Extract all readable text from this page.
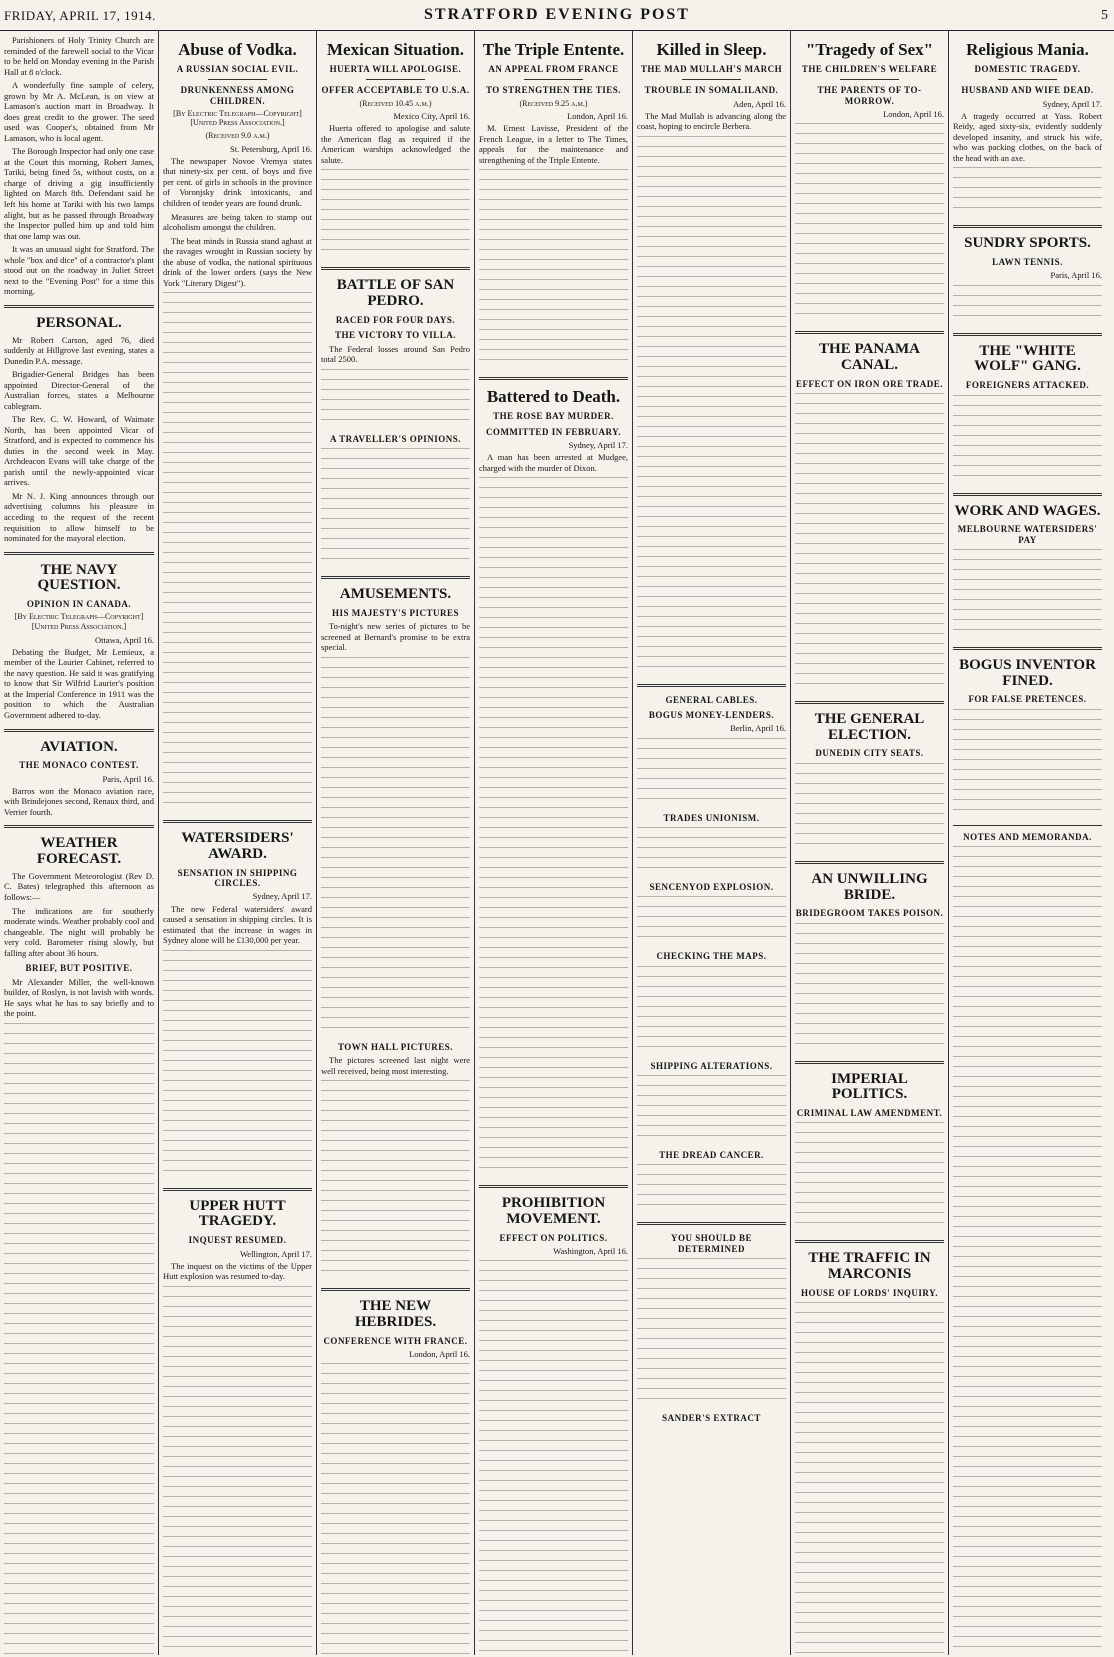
FRIDAY, APRIL 17, 1914.	STRATFORD EVENING POST	5

Parishioners of Holy Trinity Church are reminded of the farewell social to the Vicar to be held on Monday evening in the Parish Hall at 8 o'clock.

A wonderfully fine sample of celery, grown by Mr A. McLean, is on view at Lamason's auction mart in Broadway. It does great credit to the grower. The seed used was Cooper's, obtained from Mr Lamason, who is local agent.

The Borough Inspector had only one case at the Court this morning, Robert James, Tariki, being fined 5s, without costs, on a charge of driving a gig insufficiently lighted on March 8th. Defendant said he left his home at Tariki with his two lamps alight, but as he passed through Broadway the Inspector pulled him up and told him that one lamp was out.

It was an unusual sight for Stratford. The whole "box and dice" of a contractor's plant stood out on the roadway in Juliet Street next to the "Evening Post" for a time this morning.

PERSONAL.

Mr Robert Carson, aged 76, died suddenly at Hillgrove last evening, states a Dunedin P.A. message.

Brigadier-General Bridges has been appointed Director-General of the Australian forces, states a Melbourne cablegram.

The Rev. C. W. Howard, of Waimate North, has been appointed Vicar of Stratford, and is expected to commence his duties in the second week in May. Archdeacon Evans will take charge of the parish until the newly-appointed vicar arrives.

Mr N. J. King announces through our advertising columns his pleasure in acceding to the request of the recent requisition to allow himself to be nominated for the mayoral election.

THE NAVY QUESTION.
OPINION IN CANADA.
[By Electric Telegraph—Copyright] [United Press Association.]
Ottawa, April 16.

Debating the Budget, Mr Lemieux, a member of the Laurier Cabinet, referred to the navy question. He said it was gratifying to know that Sir Wilfrid Laurier's position at the Imperial Conference in 1911 was the position to which the Australian Government adhered to-day.

AVIATION.
THE MONACO CONTEST.
Paris, April 16.

Barros won the Monaco aviation race, with Brindejones second, Renaux third, and Verrier fourth.

WEATHER FORECAST.

The Government Meteorologist (Rev D. C. Bates) telegraphed this afternoon as follows:—

The indications are for southerly moderate winds. Weather probably cool and changeable. The night will probably be very cold. Barometer rising slowly, but falling after about 36 hours.

BRIEF, BUT POSITIVE.

Mr Alexander Miller, the well-known builder, of Roslyn, is not lavish with words. He says what he has to say briefly and to the point.

Abuse of Vodka.
A RUSSIAN SOCIAL EVIL.
DRUNKENNESS AMONG CHILDREN.
[By Electric Telegraph—Copyright] [United Press Association.]
(Received 9.0 a.m.)
St. Petersburg, April 16.

The newspaper Novoe Vremya states that ninety-six per cent. of boys and five per cent. of girls in schools in the province of Voronjsky drink intoxicants, and children of tender years are found drunk.

Measures are being taken to stamp out alcoholism amongst the children.

The beat minds in Russia stand aghast at the ravages wrought in Russian society by the abuse of vodka, the national spirituous drink of the lower orders (says the New York "Literary Digest").

WATERSIDERS' AWARD.
SENSATION IN SHIPPING CIRCLES.
Sydney, April 17.

The new Federal watersiders' award caused a sensation in shipping circles. It is estimated that the increase in wages in Sydney alone will be £130,000 per year.

UPPER HUTT TRAGEDY.
INQUEST RESUMED.
Wellington, April 17.

The inquest on the victims of the Upper Hutt explosion was resumed to-day.

Mexican Situation.
HUERTA WILL APOLOGISE.
OFFER ACCEPTABLE TO U.S.A.
(Received 10.45 a.m.)
Mexico City, April 16.

Huerta offered to apologise and salute the American flag as required if the American warships acknowledged the salute.

BATTLE OF SAN PEDRO.
RACED FOR FOUR DAYS.
THE VICTORY TO VILLA.

The Federal losses around San Pedro total 2500.

A TRAVELLER'S OPINIONS.
AMUSEMENTS.
HIS MAJESTY'S PICTURES

To-night's new series of pictures to be screened at Bernard's promise to be extra special.

TOWN HALL PICTURES.

The pictures screened last night were well received, being most interesting.

THE NEW HEBRIDES.
CONFERENCE WITH FRANCE.
London, April 16.
The Triple Entente.
AN APPEAL FROM FRANCE
TO STRENGTHEN THE TIES.
(Received 9.25 a.m.)
London, April 16.

M. Ernest Lavisse, President of the French League, in a letter to The Times, appeals for the maintenance and strengthening of the Triple Entente.

Battered to Death.
THE ROSE BAY MURDER.
COMMITTED IN FEBRUARY.
Sydney, April 17.

A man has been arrested at Mudgee, charged with the murder of Dixon.

PROHIBITION MOVEMENT.
EFFECT ON POLITICS.
Washington, April 16.
Killed in Sleep.
THE MAD MULLAH'S MARCH
TROUBLE IN SOMALILAND.
Aden, April 16.

The Mad Mullah is advancing along the coast, hoping to encircle Berbera.

GENERAL CABLES.
BOGUS MONEY-LENDERS.
Berlin, April 16.
TRADES UNIONISM.
SENCENYOD EXPLOSION.
CHECKING THE MAPS.
SHIPPING ALTERATIONS.
THE DREAD CANCER.
YOU SHOULD BE DETERMINED
SANDER'S EXTRACT
"Tragedy of Sex"
THE CHILDREN'S WELFARE
THE PARENTS OF TO-MORROW.
London, April 16.
THE PANAMA CANAL.
EFFECT ON IRON ORE TRADE.
THE GENERAL ELECTION.
DUNEDIN CITY SEATS.
AN UNWILLING BRIDE.
BRIDEGROOM TAKES POISON.
IMPERIAL POLITICS.
CRIMINAL LAW AMENDMENT.
THE TRAFFIC IN MARCONIS
HOUSE OF LORDS' INQUIRY.
Religious Mania.
DOMESTIC TRAGEDY.
HUSBAND AND WIFE DEAD.
Sydney, April 17.

A tragedy occurred at Yass. Robert Reidy, aged sixty-six, evidently suddenly developed insanity, and struck his wife, who was packing clothes, on the back of the head with an axe.

SUNDRY SPORTS.
LAWN TENNIS.
Paris, April 16.
THE "WHITE WOLF" GANG.
FOREIGNERS ATTACKED.
WORK AND WAGES.
MELBOURNE WATERSIDERS' PAY
BOGUS INVENTOR FINED.
FOR FALSE PRETENCES.
NOTES AND MEMORANDA.
